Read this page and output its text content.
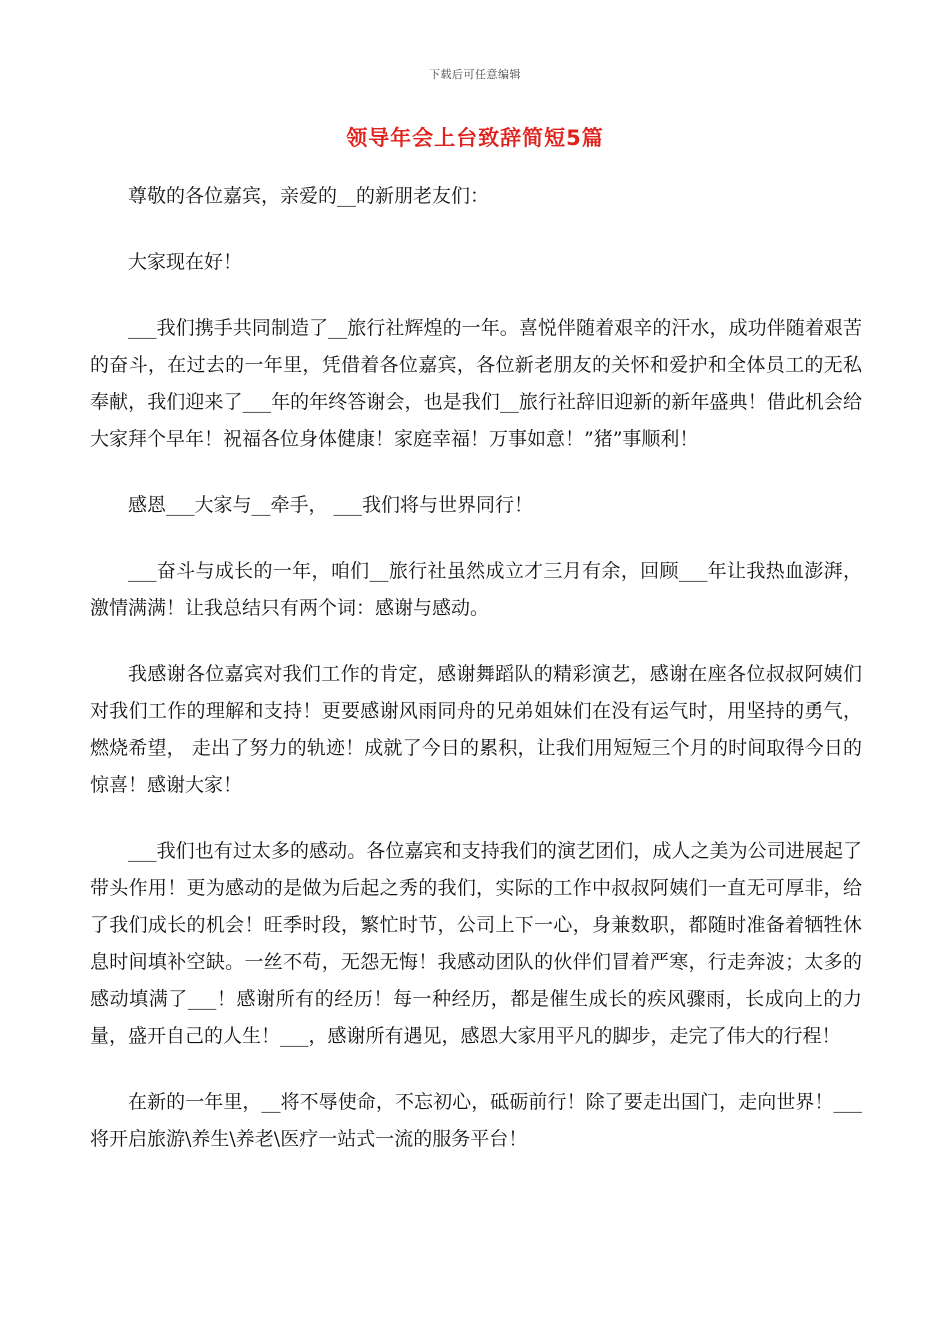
下载后可任意编辑
领导年会上台致辞简短5篇

尊敬的各位嘉宾，亲爱的__的新朋老友们：

大家现在好！

___我们携手共同制造了__旅行社辉煌的一年。喜悦伴随着艰辛的汗水，成功伴随着艰苦的奋斗，在过去的一年里，凭借着各位嘉宾，各位新老朋友的关怀和爱护和全体员工的无私奉献，我们迎来了___年的年终答谢会，也是我们__旅行社辞旧迎新的新年盛典！借此机会给大家拜个早年！祝福各位身体健康！家庭幸福！万事如意！”猪”事顺利！

感恩___大家与__牵手， ___我们将与世界同行！

___奋斗与成长的一年，咱们__旅行社虽然成立才三月有余，回顾___年让我热血澎湃，激情满满！让我总结只有两个词：感谢与感动。

我感谢各位嘉宾对我们工作的肯定，感谢舞蹈队的精彩演艺，感谢在座各位叔叔阿姨们对我们工作的理解和支持！更要感谢风雨同舟的兄弟姐妹们在没有运气时，用坚持的勇气，燃烧希望， 走出了努力的轨迹！成就了今日的累积，让我们用短短三个月的时间取得今日的惊喜！感谢大家！

___我们也有过太多的感动。各位嘉宾和支持我们的演艺团们，成人之美为公司进展起了带头作用！更为感动的是做为后起之秀的我们，实际的工作中叔叔阿姨们一直无可厚非，给了我们成长的机会！旺季时段，繁忙时节，公司上下一心，身兼数职，都随时准备着牺牲休息时间填补空缺。一丝不苟，无怨无悔！我感动团队的伙伴们冒着严寒，行走奔波；太多的感动填满了___！感谢所有的经历！每一种经历，都是催生成长的疾风骤雨，长成向上的力量，盛开自己的人生！___，感谢所有遇见，感恩大家用平凡的脚步，走完了伟大的行程！

在新的一年里，__将不辱使命，不忘初心，砥砺前行！除了要走出国门，走向世界！___将开启旅游\养生\养老\医疗一站式一流的服务平台！
